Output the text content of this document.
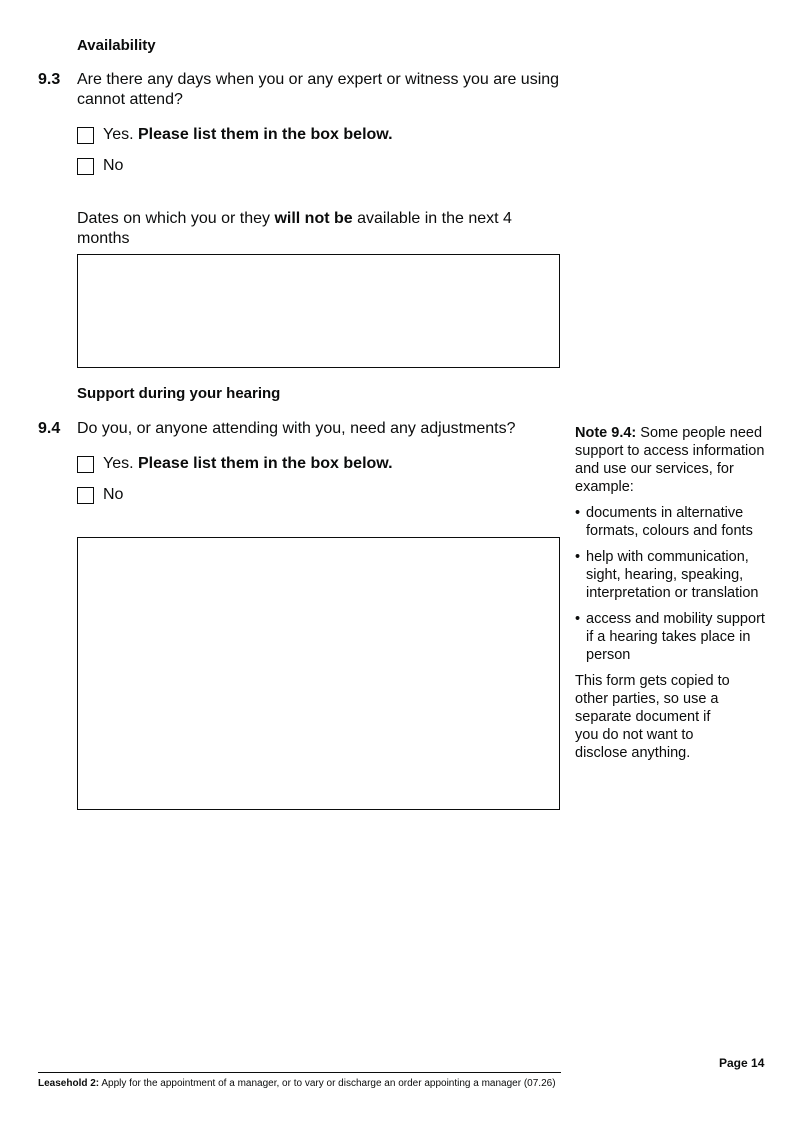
Availability
9.3 Are there any days when you or any expert or witness you are using cannot attend?
Yes. Please list them in the box below.
No
Dates on which you or they will not be available in the next 4 months
Support during your hearing
9.4 Do you, or anyone attending with you, need any adjustments?
Yes. Please list them in the box below.
No
Note 9.4: Some people need support to access information and use our services, for example:
• documents in alternative formats, colours and fonts
• help with communication, sight, hearing, speaking, interpretation or translation
• access and mobility support if a hearing takes place in person
This form gets copied to other parties, so use a separate document if you do not want to disclose anything.
Page 14
Leasehold 2: Apply for the appointment of a manager, or to vary or discharge an order appointing a manager (07.26)
